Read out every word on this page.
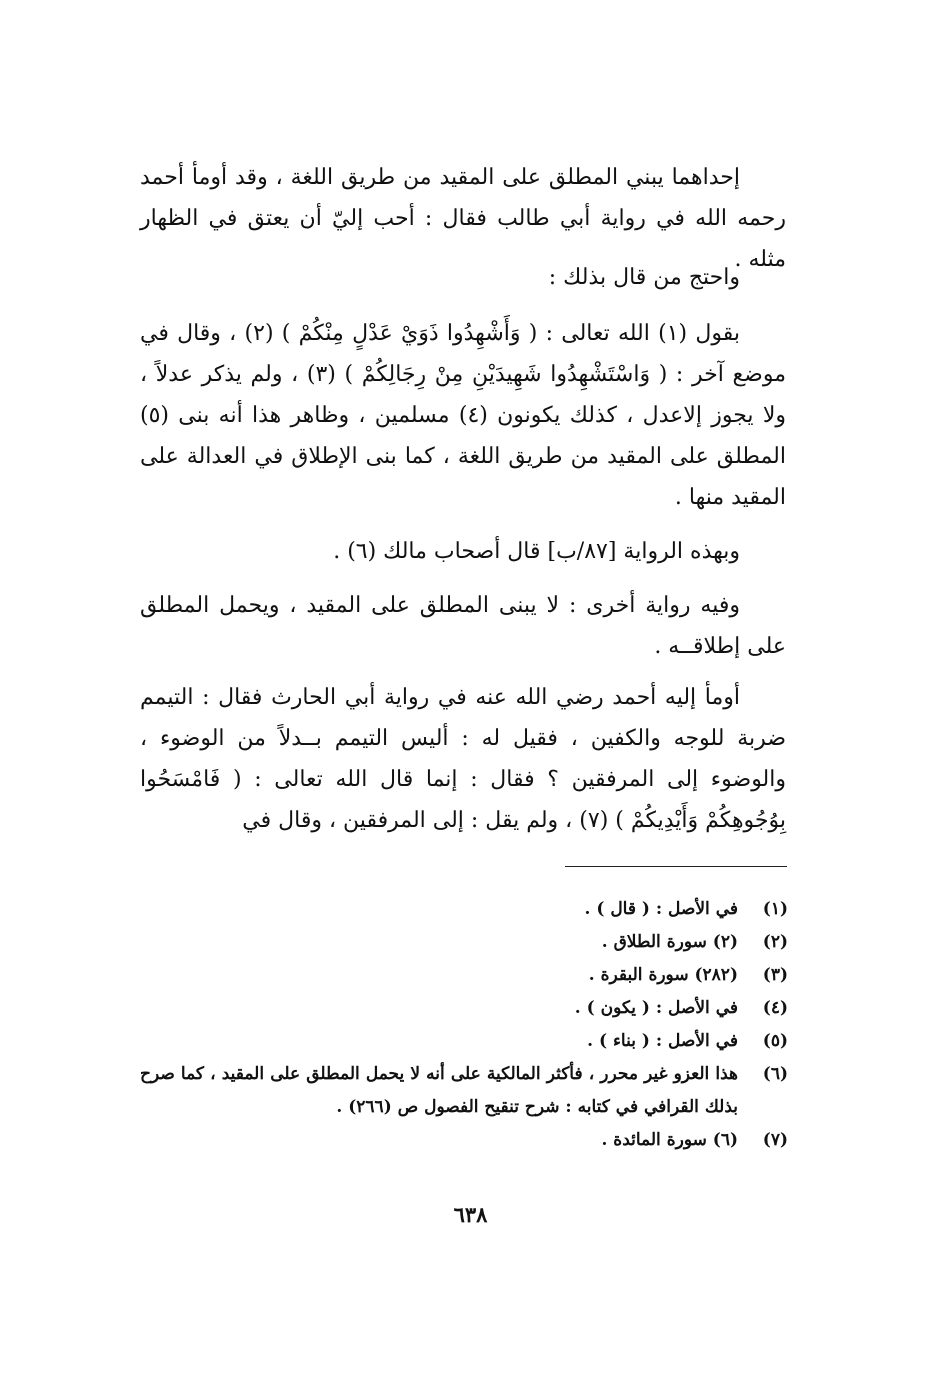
إحداهما يبني المطلق على المقيد من طريق اللغة ، وقد أومأ أحمد رحمه الله في رواية أبي طالب فقال : أحب إليّ أن يعتق في الظهار مثله .

واحتج من قال بذلك :

بقول (١) الله تعالى : ( وَأَشْهِدُوا ذَوَيْ عَدْلٍ مِنْكُمْ ) (٢) ، وقال في موضع آخر : ( وَاسْتَشْهِدُوا شَهِيدَيْنِ مِنْ رِجَالِكُمْ ) (٣) ، ولم يذكر عدلاً ، ولا يجوز إلاعدل ، كذلك يكونون (٤) مسلمين ، وظاهر هذا أنه بنى (٥) المطلق على المقيد من طريق اللغة ، كما بنى الإطلاق في العدالة على المقيد منها .

وبهذه الرواية [٨٧/ب] قال أصحاب مالك (٦) .

وفيه رواية أخرى : لا يبنى المطلق على المقيد ، ويحمل المطلق على إطلاقــه .

أومأ إليه أحمد رضي الله عنه في رواية أبي الحارث فقال : التيمم ضربة للوجه والكفين ، فقيل له : أليس التيمم بــدلاً من الوضوء ، والوضوء إلى المرفقين ؟ فقال : إنما قال الله تعالى : ( فَامْسَحُوا بِوُجُوهِكُمْ وَأَيْدِيكُمْ ) (٧) ، ولم يقل : إلى المرفقين ، وقال في

(١)
في الأصل : ( قال ) .
(٢)
(٢) سورة الطلاق .
(٣)
(٢٨٢) سورة البقرة .
(٤)
في الأصل : ( يكون ) .
(٥)
في الأصل : ( بناء ) .
(٦)
هذا العزو غير محرر ، فأكثر المالكية على أنه لا يحمل المطلق على المقيد ، كما صرح بذلك القرافي في كتابه : شرح تنقيح الفصول ص (٢٦٦) .
(٧)
(٦) سورة المائدة .
٦٣٨
